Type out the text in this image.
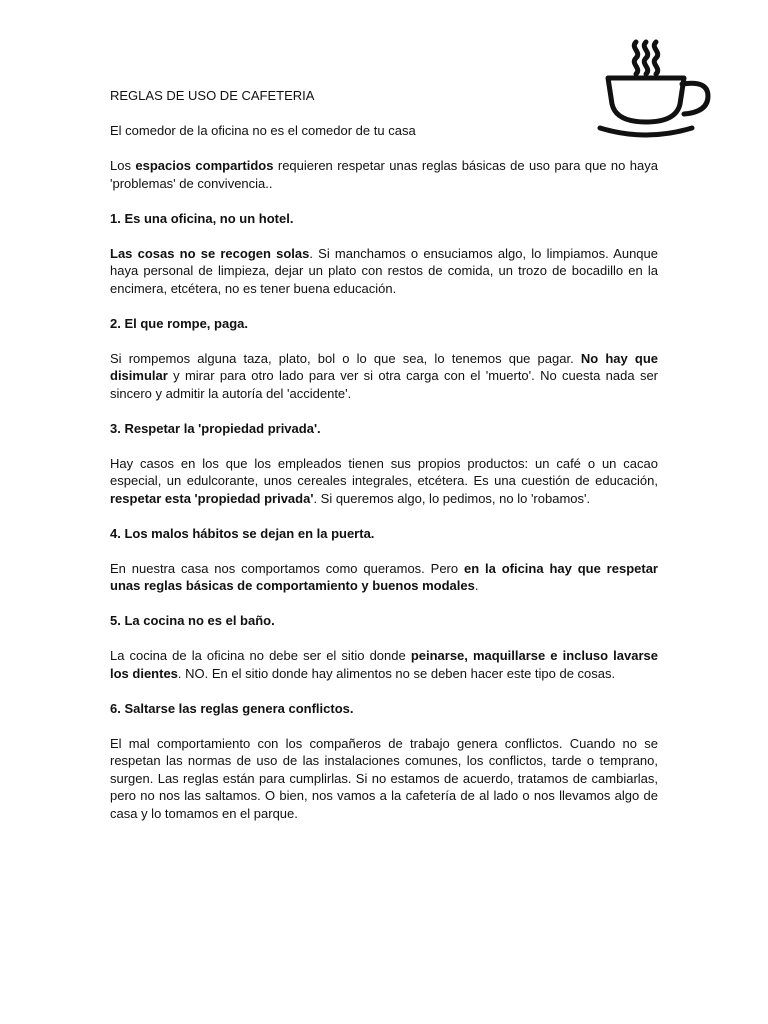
REGLAS DE USO DE CAFETERIA

El comedor de la oficina no es el comedor de tu casa

Los espacios compartidos requieren respetar unas reglas básicas de uso para que no haya 'problemas' de convivencia..

1. Es una oficina, no un hotel.

Las cosas no se recogen solas. Si manchamos o ensuciamos algo, lo limpiamos. Aunque haya personal de limpieza, dejar un plato con restos de comida, un trozo de bocadillo en la encimera, etcétera, no es tener buena educación.

2. El que rompe, paga.

Si rompemos alguna taza, plato, bol o lo que sea, lo tenemos que pagar. No hay que disimular y mirar para otro lado para ver si otra carga con el 'muerto'. No cuesta nada ser sincero y admitir la autoría del 'accidente'.

3. Respetar la 'propiedad privada'.

Hay casos en los que los empleados tienen sus propios productos: un café o un cacao especial, un edulcorante, unos cereales integrales, etcétera. Es una cuestión de educación, respetar esta 'propiedad privada'. Si queremos algo, lo pedimos, no lo 'robamos'.

4. Los malos hábitos se dejan en la puerta.

En nuestra casa nos comportamos como queramos. Pero en la oficina hay que respetar unas reglas básicas de comportamiento y buenos modales.

5. La cocina no es el baño.

La cocina de la oficina no debe ser el sitio donde peinarse, maquillarse e incluso lavarse los dientes. NO. En el sitio donde hay alimentos no se deben hacer este tipo de cosas.

6. Saltarse las reglas genera conflictos.

El mal comportamiento con los compañeros de trabajo genera conflictos. Cuando no se respetan las normas de uso de las instalaciones comunes, los conflictos, tarde o temprano, surgen. Las reglas están para cumplirlas. Si no estamos de acuerdo, tratamos de cambiarlas, pero no nos las saltamos. O bien, nos vamos a la cafetería de al lado o nos llevamos algo de casa y lo tomamos en el parque.
